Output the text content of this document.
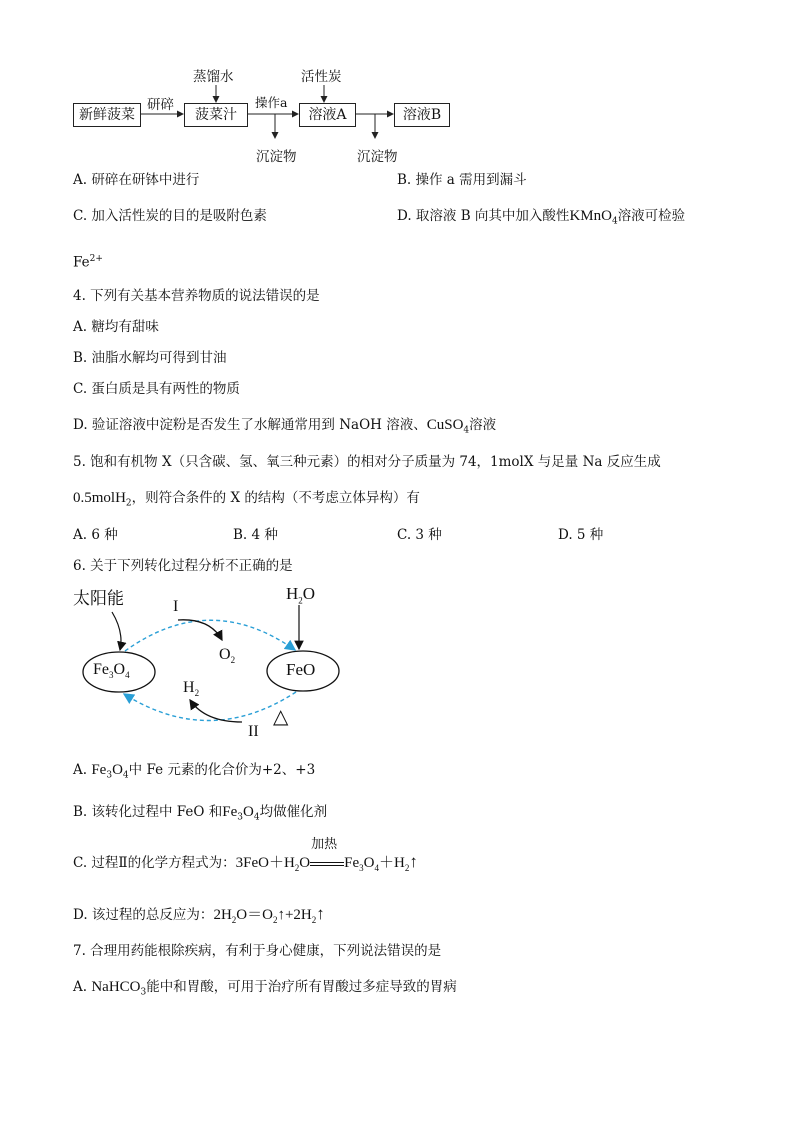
新鲜菠菜	菠菜汁	溶液A	溶液B
蒸馏水	活性炭
研碎	操作a
沉淀物	沉淀物
A. 研碎在研钵中进行	B. 操作 a 需用到漏斗
C. 加入活性炭的目的是吸附色素	D. 取溶液 B 向其中加入酸性KMnO$_4$溶液可检验
$Fe^{2+}$
4. 下列有关基本营养物质的说法错误的是
A. 糖均有甜味
B. 油脂水解均可得到甘油
C. 蛋白质是具有两性的物质
D. 验证溶液中淀粉是否发生了水解通常用到 NaOH 溶液、CuSO$_4$溶液
5. 饱和有机物 X（只含碳、氢、氧三种元素）的相对分子质量为 74，1molX 与足量 Na 反应生成
0.5molH$_2$，则符合条件的 X 的结构（不考虑立体异构）有
A. 6 种	B. 4 种	C. 3 种	D. 5 种
6. 关于下列转化过程分析不正确的是
太阳能	$H_2O$
I
$O_2$
$Fe_3O_4$	FeO
$H_2$
△
II
A. $Fe_3O_4$中 Fe 元素的化合价为+2、+3
B. 该转化过程中 FeO 和$Fe_3O_4$均做催化剂
C. 过程Ⅱ的化学方程式为：$3FeO+H_2O$
加热
$Fe_3O_4+H_2↑$
D. 该过程的总反应为：$2H_2O=O_2↑+2H_2↑$
7. 合理用药能根除疾病，有利于身心健康，下列说法错误的是
A. NaHCO$_3$能中和胃酸，可用于治疗所有胃酸过多症导致的胃病
